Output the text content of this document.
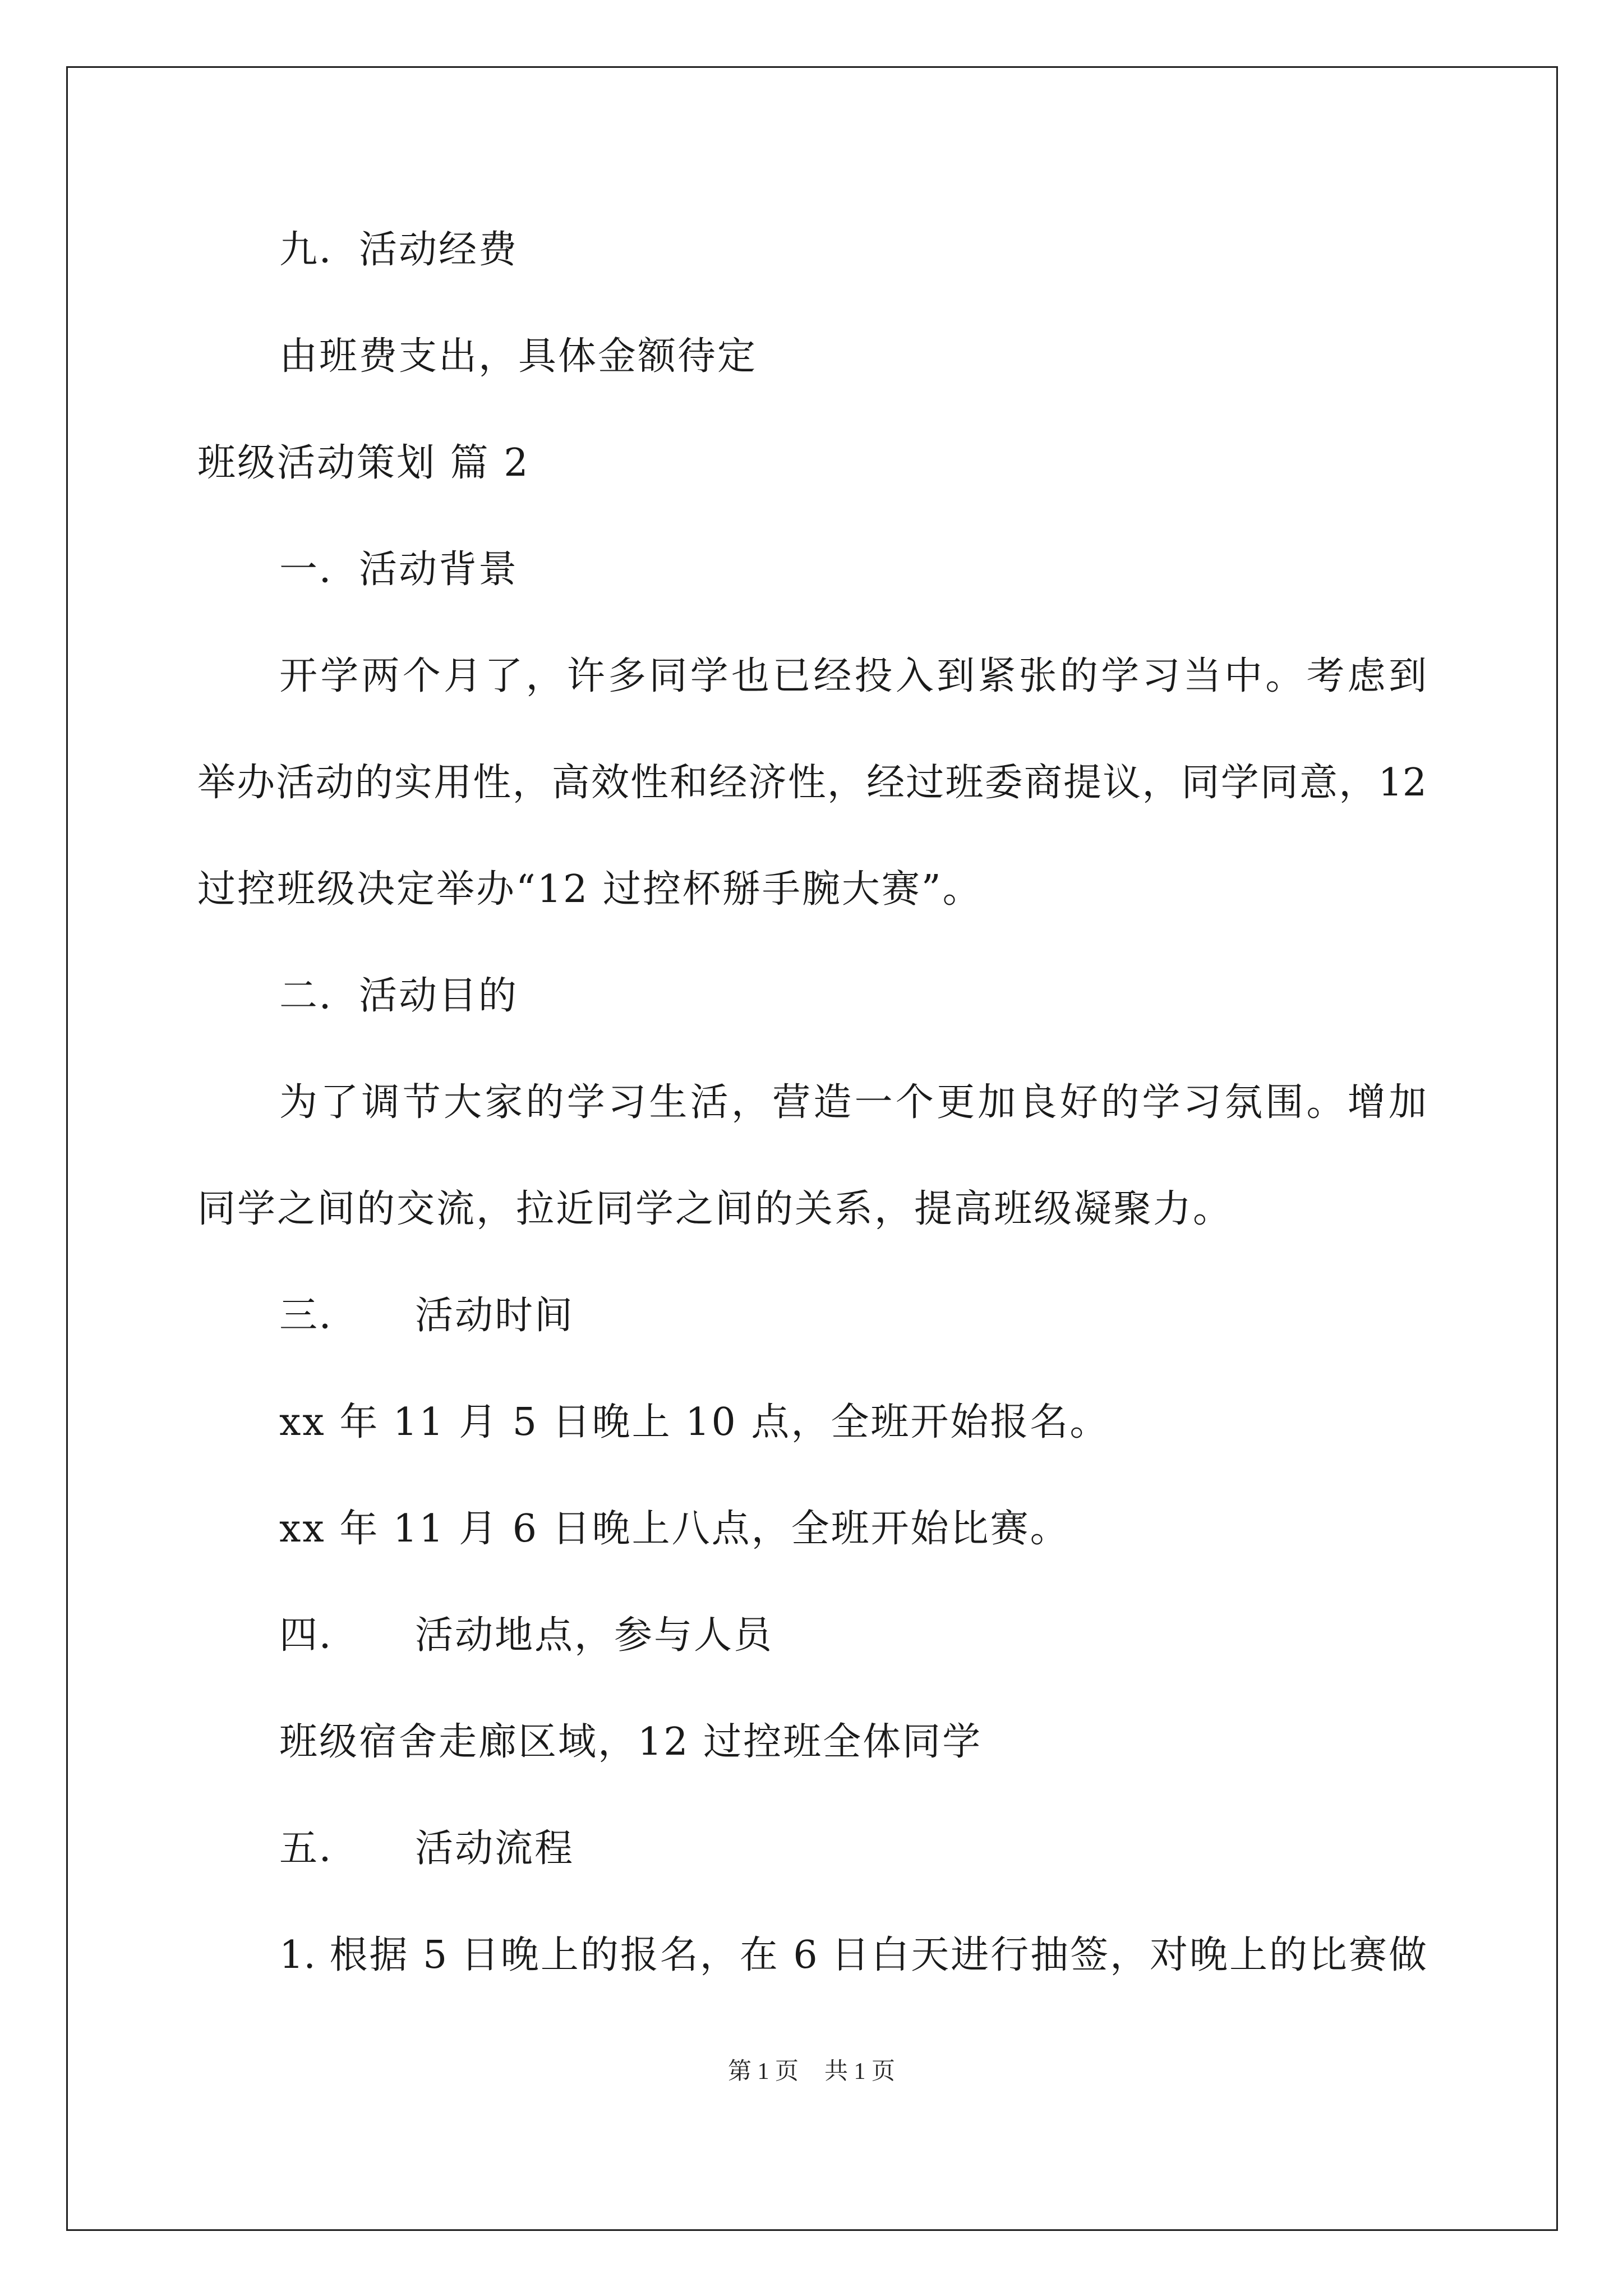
九．活动经费
由班费支出，具体金额待定
班级活动策划 篇 2
一．活动背景
开学两个月了，许多同学也已经投入到紧张的学习当中。考虑到
举办活动的实用性，高效性和经济性，经过班委商提议，同学同意，12
过控班级决定举办“12 过控杯掰手腕大赛”。
二．活动目的
为了调节大家的学习生活，营造一个更加良好的学习氛围。增加
同学之间的交流，拉近同学之间的关系，提高班级凝聚力。
三． 活动时间
xx 年 11 月 5 日晚上 10 点，全班开始报名。
xx 年 11 月 6 日晚上八点，全班开始比赛。
四． 活动地点，参与人员
班级宿舍走廊区域，12 过控班全体同学
五． 活动流程
1. 根据 5 日晚上的报名，在 6 日白天进行抽签，对晚上的比赛做
第 1 页 共 1 页
